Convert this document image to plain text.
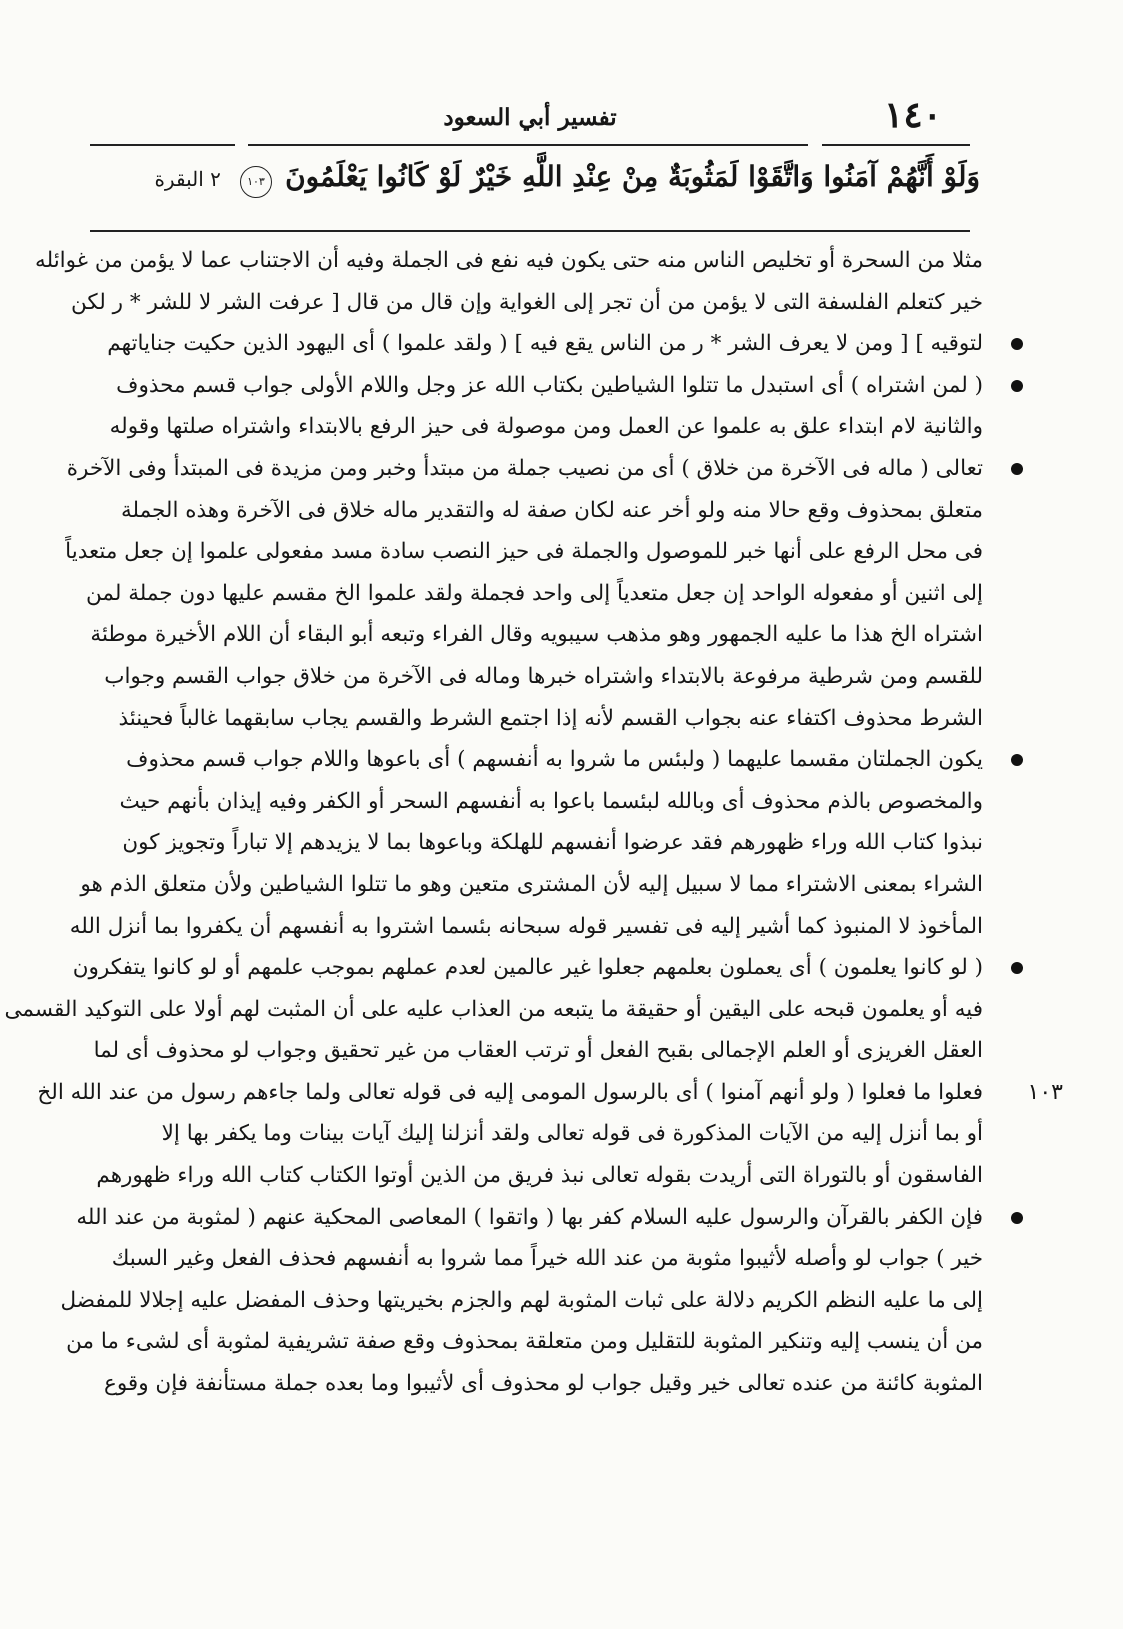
١٤٠
تفسير أبي السعود
وَلَوْ أَنَّهُمْ آمَنُوا وَاتَّقَوْا لَمَثُوبَةٌ مِنْ عِنْدِ اللَّهِ خَيْرٌ لَوْ كَانُوا يَعْلَمُونَ ١٠٣ ٢ البقرة
مثلا من السحرة أو تخليص الناس منه حتى يكون فيه نفع فى الجملة وفيه أن الاجتناب عما لا يؤمن من غوائله
خير كتعلم الفلسفة التى لا يؤمن من أن تجر إلى الغواية وإن قال من قال [ عرفت الشر لا للشر * ر لكن
لتوقيه ] [ ومن لا يعرف الشر * ر من الناس يقع فيه ] ( ولقد علموا ) أى اليهود الذين حكيت جناياتهم
( لمن اشتراه ) أى استبدل ما تتلوا الشياطين بكتاب الله عز وجل واللام الأولى جواب قسم محذوف
والثانية لام ابتداء علق به علموا عن العمل ومن موصولة فى حيز الرفع بالابتداء واشتراه صلتها وقوله
تعالى ( ماله فى الآخرة من خلاق ) أى من نصيب جملة من مبتدأ وخبر ومن مزيدة فى المبتدأ وفى الآخرة
متعلق بمحذوف وقع حالا منه ولو أخر عنه لكان صفة له والتقدير ماله خلاق فى الآخرة وهذه الجملة
فى محل الرفع على أنها خبر للموصول والجملة فى حيز النصب سادة مسد مفعولى علموا إن جعل متعدياً
إلى اثنين أو مفعوله الواحد إن جعل متعدياً إلى واحد فجملة ولقد علموا الخ مقسم عليها دون جملة لمن
اشتراه الخ هذا ما عليه الجمهور وهو مذهب سيبويه وقال الفراء وتبعه أبو البقاء أن اللام الأخيرة موطئة
للقسم ومن شرطية مرفوعة بالابتداء واشتراه خبرها وماله فى الآخرة من خلاق جواب القسم وجواب
الشرط محذوف اكتفاء عنه بجواب القسم لأنه إذا اجتمع الشرط والقسم يجاب سابقهما غالباً فحينئذ
يكون الجملتان مقسما عليهما ( ولبئس ما شروا به أنفسهم ) أى باعوها واللام جواب قسم محذوف
والمخصوص بالذم محذوف أى وبالله لبئسما باعوا به أنفسهم السحر أو الكفر وفيه إيذان بأنهم حيث
نبذوا كتاب الله وراء ظهورهم فقد عرضوا أنفسهم للهلكة وباعوها بما لا يزيدهم إلا تباراً وتجويز كون
الشراء بمعنى الاشتراء مما لا سبيل إليه لأن المشترى متعين وهو ما تتلوا الشياطين ولأن متعلق الذم هو
المأخوذ لا المنبوذ كما أشير إليه فى تفسير قوله سبحانه بئسما اشتروا به أنفسهم أن يكفروا بما أنزل الله
( لو كانوا يعلمون ) أى يعملون بعلمهم جعلوا غير عالمين لعدم عملهم بموجب علمهم أو لو كانوا يتفكرون
فيه أو يعلمون قبحه على اليقين أو حقيقة ما يتبعه من العذاب عليه على أن المثبت لهم أولا على التوكيد القسمى
العقل الغريزى أو العلم الإجمالى بقبح الفعل أو ترتب العقاب من غير تحقيق وجواب لو محذوف أى لما
١٠٣
فعلوا ما فعلوا ( ولو أنهم آمنوا ) أى بالرسول المومى إليه فى قوله تعالى ولما جاءهم رسول من عند الله الخ
أو بما أنزل إليه من الآيات المذكورة فى قوله تعالى ولقد أنزلنا إليك آيات بينات وما يكفر بها إلا
الفاسقون أو بالتوراة التى أريدت بقوله تعالى نبذ فريق من الذين أوتوا الكتاب كتاب الله وراء ظهورهم
فإن الكفر بالقرآن والرسول عليه السلام كفر بها ( واتقوا ) المعاصى المحكية عنهم ( لمثوبة من عند الله
خير ) جواب لو وأصله لأثيبوا مثوبة من عند الله خيراً مما شروا به أنفسهم فحذف الفعل وغير السبك
إلى ما عليه النظم الكريم دلالة على ثبات المثوبة لهم والجزم بخيريتها وحذف المفضل عليه إجلالا للمفضل
من أن ينسب إليه وتنكير المثوبة للتقليل ومن متعلقة بمحذوف وقع صفة تشريفية لمثوبة أى لشىء ما من
المثوبة كائنة من عنده تعالى خير وقيل جواب لو محذوف أى لأثيبوا وما بعده جملة مستأنفة فإن وقوع
